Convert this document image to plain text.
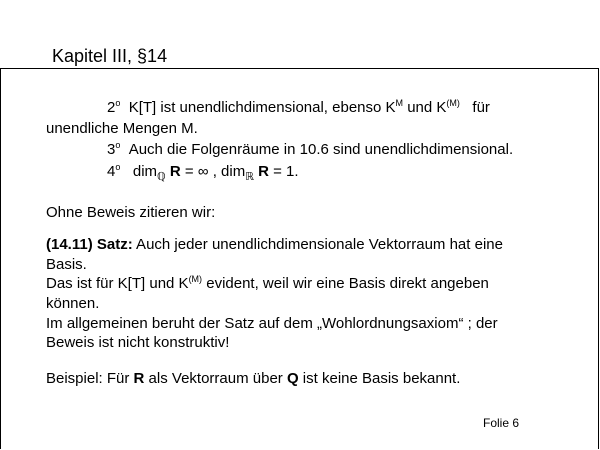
Kapitel III, §14
2$^o$ K[T] ist unendlichdimensional, ebenso $K^M$ und $K^{(M)}$   für
unendliche Mengen M.
3$^o$ Auch die Folgenräume in 10.6 sind unendlichdimensional.
4$^o$ dim$_ℚ$ R = ∞ , dim$_ℝ$ R = 1.
Ohne Beweis zitieren wir:
(14.11) Satz: Auch jeder unendlichdimensionale Vektorraum hat eine
Basis.
Das ist für K[T] und $K^{(M)}$ evident, weil wir eine Basis direkt angeben
können.
Im allgemeinen beruht der Satz auf dem „Wohlordnungsaxiom“ ; der
Beweis ist nicht konstruktiv!
Beispiel: Für R als Vektorraum über Q ist keine Basis bekannt.
Folie 6
